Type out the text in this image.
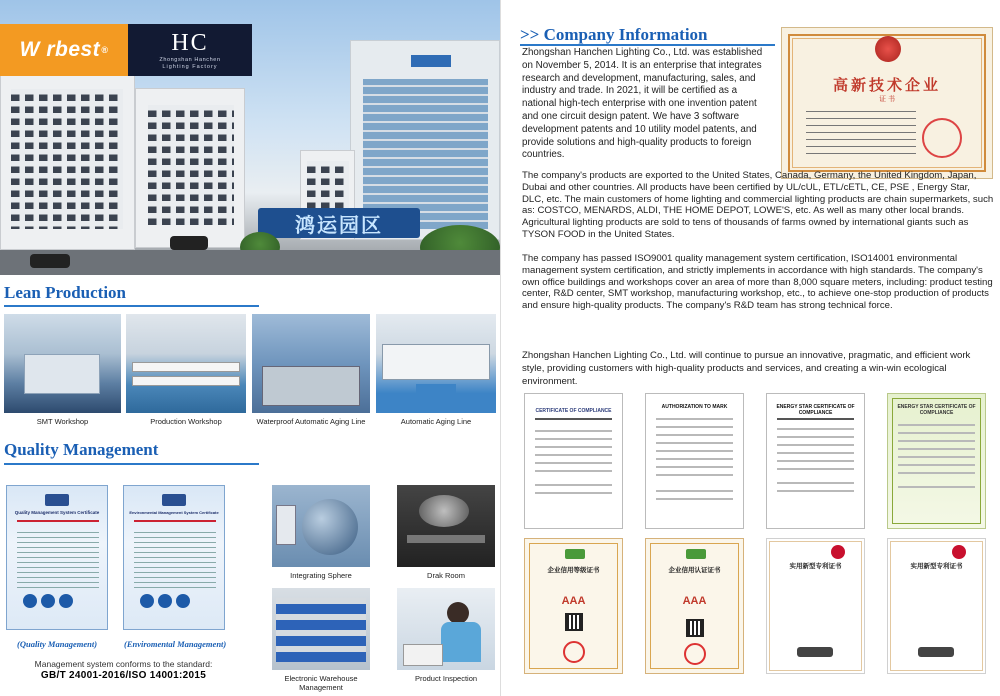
鸿运园区
W rbest ®	HC
Zhongshan Hanchen
Lighting Factory
Lean Production
SMT Workshop	Production Workshop	Waterproof Automatic Aging Line	Automatic Aging Line
Quality Management
Quality Management System Certificate
(Quality Management)
Environmental Management System Certificate
(Enviromental Management)
Management system conforms to the standard:
GB/T 24001-2016/ISO 14001:2015
Integrating Sphere	Drak Room
Electronic Warehouse Management
Product Inspection
>> Company Information
Zhongshan Hanchen Lighting Co., Ltd. was established on November 5, 2014. It is an enterprise that integrates research and development, manufacturing, sales, and industry and trade. In 2021, it will be certified as a national high-tech enterprise with one invention patent and one circuit design patent. We have 3 software development patents and 10 utility model patents, and provide solutions and high-quality products to foreign countries.
高新技术企业
证 书
The company's products are exported to the United States, Canada, Germany, the United Kingdom, Japan, Dubai and other countries. All products have been certified by UL/cUL, ETL/cETL, CE, PSE , Energy Star, DLC, etc. The main customers of home lighting and commercial lighting products are chain supermarkets, such as: COSTCO, MENARDS, ALDI, THE HOME DEPOT, LOWE'S, etc. As well as many other local brands. Agricultural lighting products are sold to tens of thousands of farms owned by international giants such as TYSON FOOD in the United States.
The company has passed ISO9001 quality management system certification, ISO14001 environmental management system certification, and strictly implements in accordance with high standards. The company's own office buildings and workshops cover an area of more than 8,000 square meters, including: product testing center, R&D center, SMT workshop, manufacturing workshop, etc., to achieve one-stop production of products and ensure high-quality products. The company's R&D team has strong technical force.
Zhongshan Hanchen Lighting Co., Ltd. will continue to pursue an innovative, pragmatic, and efficient work style, providing customers with high-quality products and services, and creating a win-win ecological environment.
CERTIFICATE OF COMPLIANCE
AUTHORIZATION TO MARK	ENERGY STAR CERTIFICATE OF COMPLIANCE
ENERGY STAR CERTIFICATE OF COMPLIANCE
企业信用等级证书
AAA
企业信用认证证书
AAA
实用新型专利证书	实用新型专利证书
